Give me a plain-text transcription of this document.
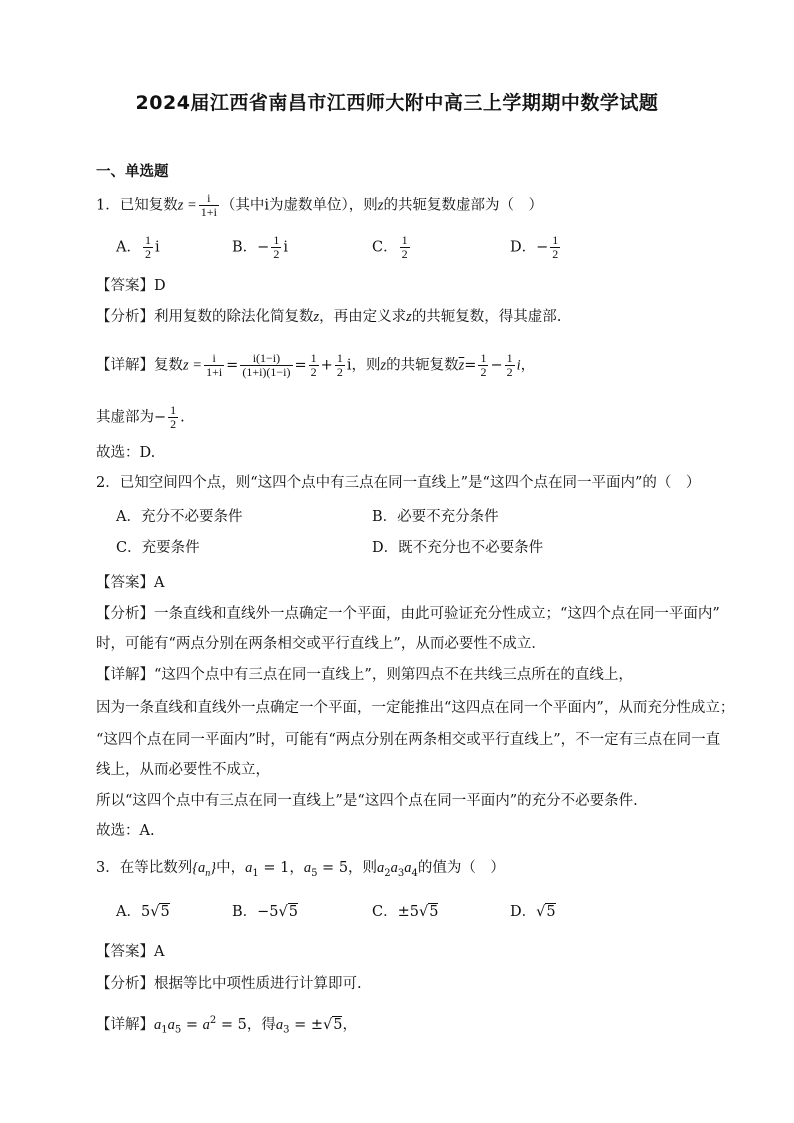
2024届江西省南昌市江西师大附中高三上学期期中数学试题
一、单选题
1．已知复数$z = \frac{i}{1+i}$ （其中i为虚数单位），则z的共轭复数虚部为（　）
A． $\frac{1}{2}$ i	B．− $\frac{1}{2}$ i	C． $\frac{1}{2}$	D．− $\frac{1}{2}$
【答案】D
【分析】利用复数的除法化简复数z，再由定义求z的共轭复数，得其虚部.
【详解】复数$z = \frac{i}{1+i} = \frac{i(1-i)}{(1+i)(1-i)} = \frac{1}{2} + \frac{1}{2}$ i，则z的共轭复数$\overline{z}= \frac{1}{2} - \frac{1}{2}$ i，
其虚部为− $\frac{1}{2}$ .
故选：D.
2．已知空间四个点，则“这四个点中有三点在同一直线上”是“这四个点在同一平面内”的（　）
A．充分不必要条件	B．必要不充分条件
C．充要条件	D．既不充分也不必要条件
【答案】A
【分析】一条直线和直线外一点确定一个平面，由此可验证充分性成立；“这四个点在同一平面内”
时，可能有“两点分别在两条相交或平行直线上”，从而必要性不成立．
【详解】“这四个点中有三点在同一直线上”，则第四点不在共线三点所在的直线上，
因为一条直线和直线外一点确定一个平面，一定能推出“这四点在同一个平面内”，从而充分性成立；
“这四个点在同一平面内”时，可能有“两点分别在两条相交或平行直线上”，不一定有三点在同一直
线上，从而必要性不成立，
所以“这四个点中有三点在同一直线上”是“这四个点在同一平面内”的充分不必要条件.
故选：A.
3．在等比数列$\{a_n\}$中，$a_1 = 1$，$a_5 = 5$，则$a_2a_3a_4$的值为（　）
A．5√5	B．−5√5	C．±5√5	D．√5
【答案】A
【分析】根据等比中项性质进行计算即可.
【详解】$a_1a_5 = a^2 = 5$，得$a_3 = \pm√5$，
